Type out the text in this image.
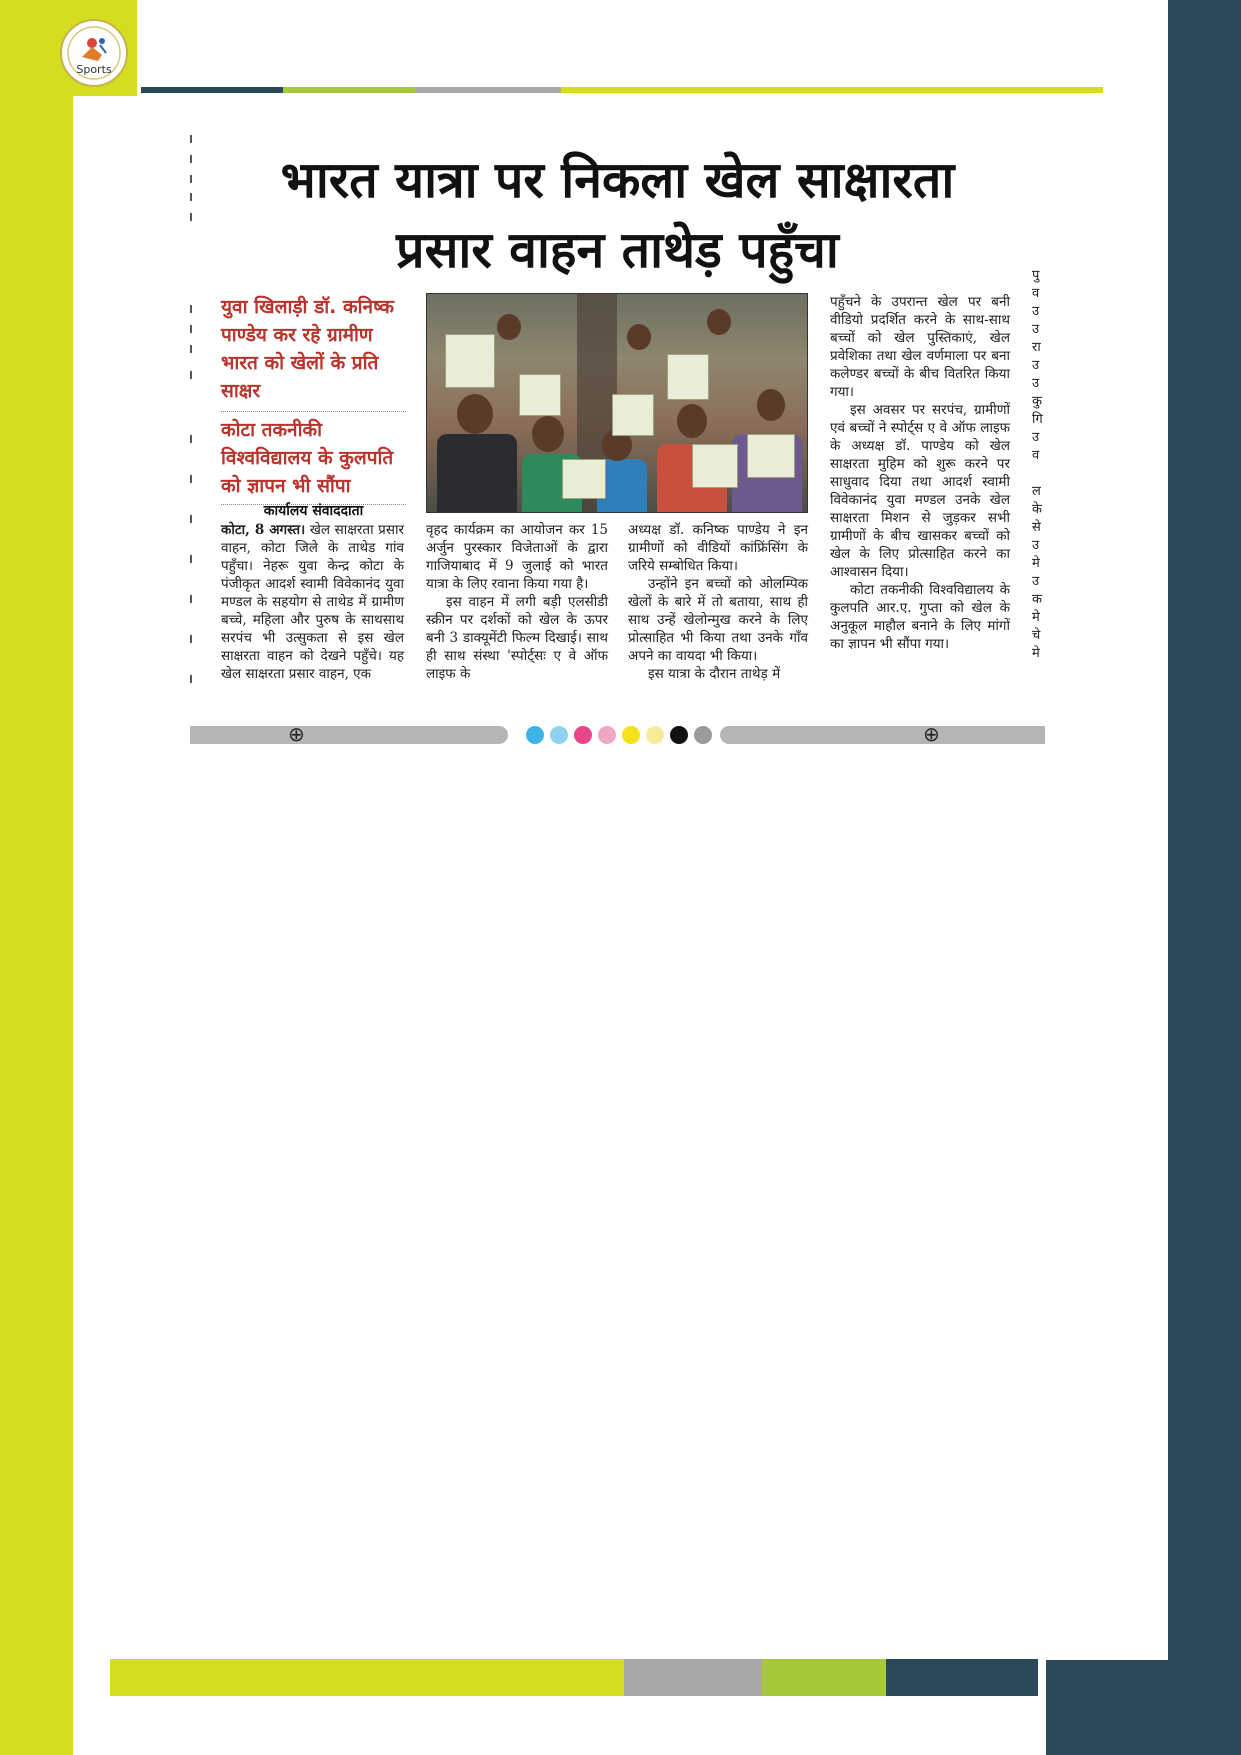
Sports
भारत यात्रा पर निकला खेल साक्षारता
प्रसार वाहन ताथेड़ पहुँचा
युवा खिलाड़ी डॉ. कनिष्क पाण्डेय कर रहे ग्रामीण भारत को खेलों के प्रति साक्षर
कोटा तकनीकी विश्वविद्यालय के कुलपति को ज्ञापन भी सौंपा
कार्यालय संवाददाता

कोटा, 8 अगस्त। खेल साक्षरता प्रसार वाहन, कोटा जिले के ताथेड गांव पहुँचा। नेहरू युवा केन्द्र कोटा के पंजीकृत आदर्श स्वामी विवेकानंद युवा मण्डल के सहयोग से ताथेड में ग्रामीण बच्चे, महिला और पुरुष के साथसाथ सरपंच भी उत्सुकता से इस खेल साक्षरता वाहन को देखने पहुँचे। यह खेल साक्षरता प्रसार वाहन, एक

वृहद कार्यक्रम का आयोजन कर 15 अर्जुन पुरस्कार विजेताओं के द्वारा गाजियाबाद में 9 जुलाई को भारत यात्रा के लिए रवाना किया गया है।

इस वाहन में लगी बड़ी एलसीडी स्क्रीन पर दर्शकों को खेल के ऊपर बनी 3 डाक्यूमेंटी फिल्म दिखाई। साथ ही साथ संस्था 'स्पोर्ट्सः ए वे ऑफ लाइफ के

अध्यक्ष डॉ. कनिष्क पाण्डेय ने इन ग्रामीणों को वीडियों कांफ्रिंसिंग के जरिये सम्बोधित किया।

उन्होंने इन बच्चों को ओलम्पिक खेलों के बारे में तो बताया, साथ ही साथ उन्हें खेलोन्मुख करने के लिए प्रोत्साहित भी किया तथा उनके गाँव अपने का वायदा भी किया।

इस यात्रा के दौरान ताथेड़ में

पहुँचने के उपरान्त खेल पर बनी वीडियो प्रदर्शित करने के साथ-साथ बच्चों को खेल पुस्तिकाएं, खेल प्रवेशिका तथा खेल वर्णमाला पर बना कलेण्डर बच्चों के बीच वितरित किया गया।

इस अवसर पर सरपंच, ग्रामीणों एवं बच्चों ने स्पोर्ट्स ए वे ऑफ लाइफ के अध्यक्ष डॉ. पाण्डेय को खेल साक्षरता मुहिम को शुरू करने पर साधुवाद दिया तथा आदर्श स्वामी विवेकानंद युवा मण्डल उनके खेल साक्षरता मिशन से जुड़कर सभी ग्रामीणों के बीच खासकर बच्चों को खेल के लिए प्रोत्साहित करने का आश्वासन दिया।

कोटा तकनीकी विश्वविद्यालय के कुलपति आर.ए. गुप्ता को खेल के अनुकूल माहौल बनाने के लिए मांगों का ज्ञापन भी सौंपा गया।

पु
व
उ
उ
रा
उ
उ
कु
गि
उ
व
ल
के
से
उ
मे
उ
क
मे
चे
मे
⊕	⊕
